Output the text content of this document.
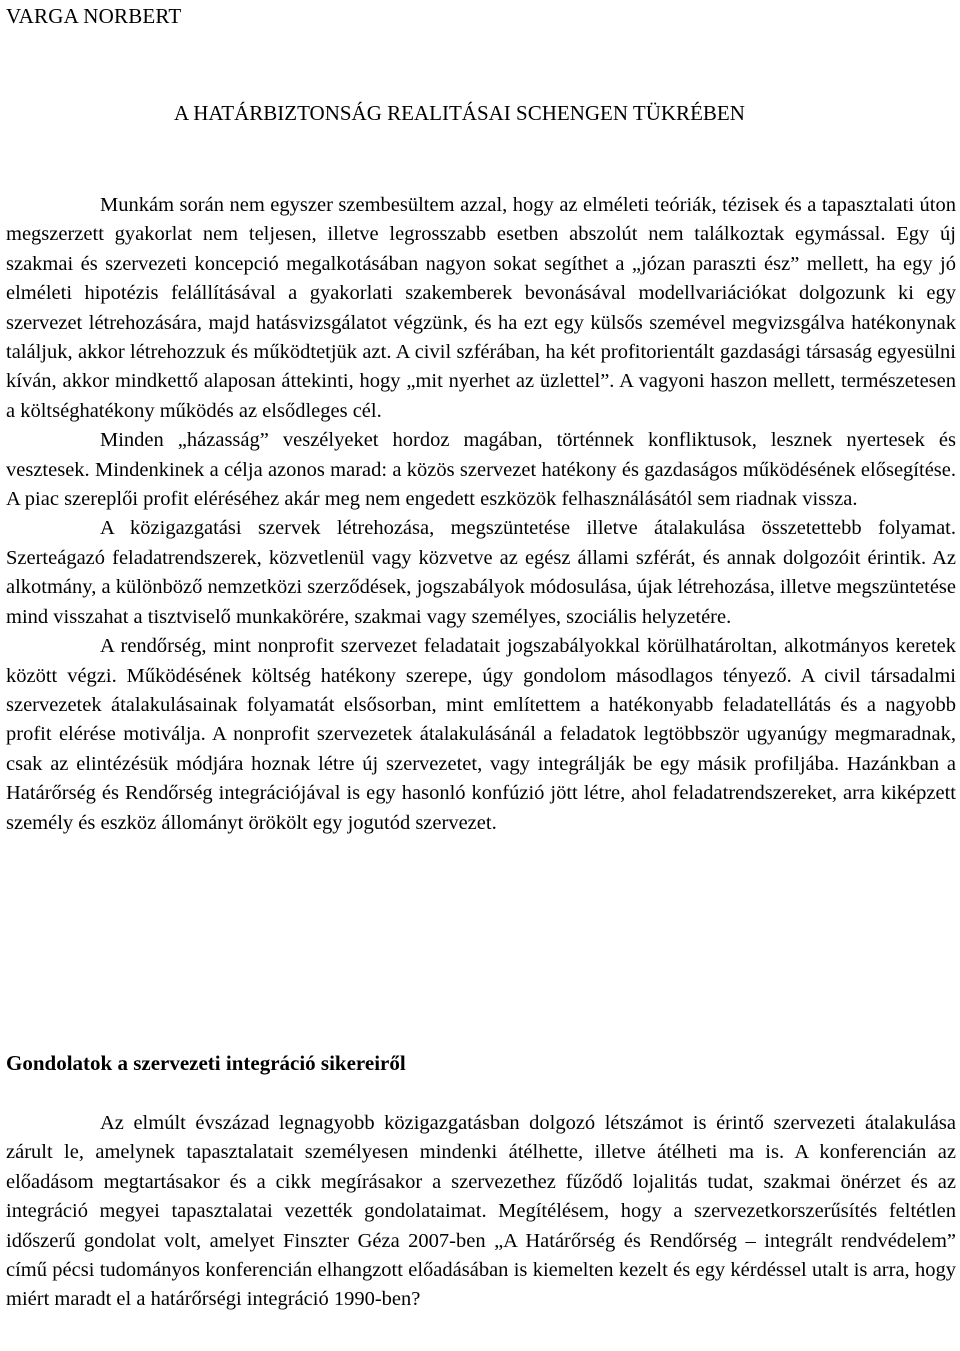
VARGA NORBERT
A HATÁRBIZTONSÁG REALITÁSAI SCHENGEN TÜKRÉBEN

Munkám során nem egyszer szembesültem azzal, hogy az elméleti teóriák, tézisek és a tapasztalati úton megszerzett gyakorlat nem teljesen, illetve legrosszabb esetben abszolút nem találkoztak egymással. Egy új szakmai és szervezeti koncepció megalkotásában nagyon sokat segíthet a „józan paraszti ész” mellett, ha egy jó elméleti hipotézis felállításával a gyakorlati szakemberek bevonásával modellvariációkat dolgozunk ki egy szervezet létrehozására, majd hatásvizsgálatot végzünk, és ha ezt egy külsős szemével megvizsgálva hatékonynak találjuk, akkor létrehozzuk és működtetjük azt. A civil szférában, ha két profitorientált gazdasági társaság egyesülni kíván, akkor mindkettő alaposan áttekinti, hogy „mit nyerhet az üzlettel”. A vagyoni haszon mellett, természetesen a költséghatékony működés az elsődleges cél.

Minden „házasság” veszélyeket hordoz magában, történnek konfliktusok, lesznek nyertesek és vesztesek. Mindenkinek a célja azonos marad: a közös szervezet hatékony és gazdaságos működésének elősegítése. A piac szereplői profit eléréséhez akár meg nem engedett eszközök felhasználásától sem riadnak vissza.

A közigazgatási szervek létrehozása, megszüntetése illetve átalakulása összetettebb folyamat. Szerteágazó feladatrendszerek, közvetlenül vagy közvetve az egész állami szférát, és annak dolgozóit érintik. Az alkotmány, a különböző nemzetközi szerződések, jogszabályok módosulása, újak létrehozása, illetve megszüntetése mind visszahat a tisztviselő munkakörére, szakmai vagy személyes, szociális helyzetére.

A rendőrség, mint nonprofit szervezet feladatait jogszabályokkal körülhatároltan, alkotmányos keretek között végzi. Működésének költség hatékony szerepe, úgy gondolom másodlagos tényező. A civil társadalmi szervezetek átalakulásainak folyamatát elsősorban, mint említettem a hatékonyabb feladatellátás és a nagyobb profit elérése motiválja. A nonprofit szervezetek átalakulásánál a feladatok legtöbbször ugyanúgy megmaradnak, csak az elintézésük módjára hoznak létre új szervezetet, vagy integrálják be egy másik profiljába. Hazánkban a Határőrség és Rendőrség integrációjával is egy hasonló konfúzió jött létre, ahol feladatrendszereket, arra kiképzett személy és eszköz állományt örökölt egy jogutód szervezet.

Gondolatok a szervezeti integráció sikereiről

Az elmúlt évszázad legnagyobb közigazgatásban dolgozó létszámot is érintő szervezeti átalakulása zárult le, amelynek tapasztalatait személyesen mindenki átélhette, illetve átélheti ma is. A konferencián az előadásom megtartásakor és a cikk megírásakor a szervezethez fűződő lojalitás tudat, szakmai önérzet és az integráció megyei tapasztalatai vezették gondolataimat. Megítélésem, hogy a szervezetkorszerűsítés feltétlen időszerű gondolat volt, amelyet Finszter Géza 2007-ben „A Határőrség és Rendőrség – integrált rendvédelem” című pécsi tudományos konferencián elhangzott előadásában is kiemelten kezelt és egy kérdéssel utalt is arra, hogy miért maradt el a határőrségi integráció 1990-ben?
